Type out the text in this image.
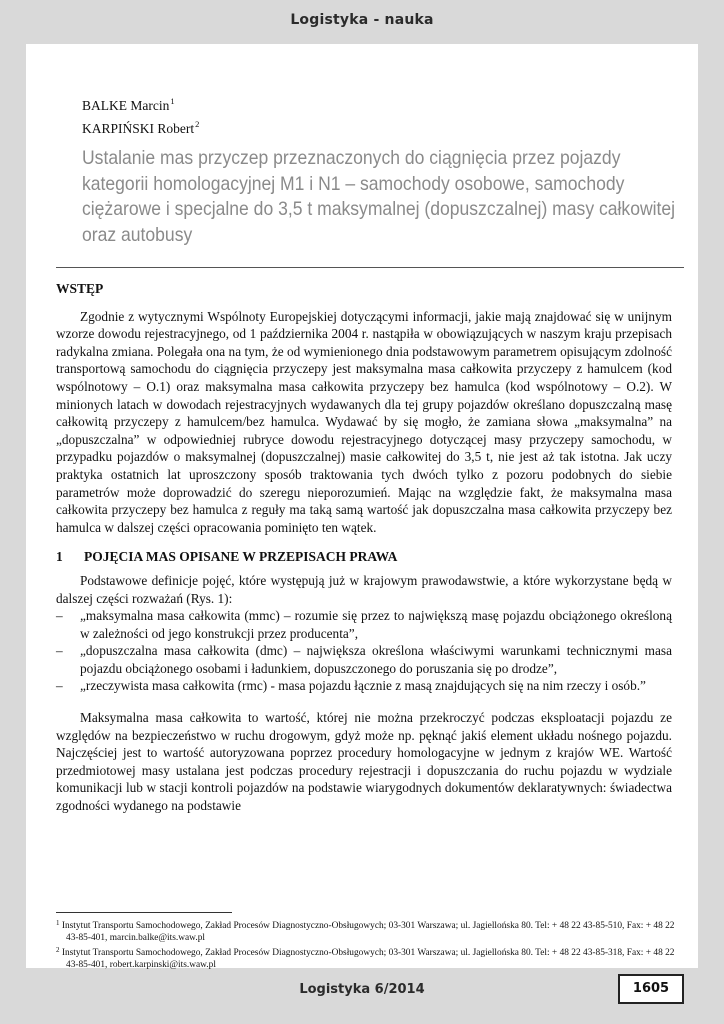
Logistyka - nauka
BALKE Marcin$^1$
KARPIŃSKI Robert$^2$
Ustalanie mas przyczep przeznaczonych do ciągnięcia przez pojazdy kategorii homologacyjnej M1 i N1 – samochody osobowe, samochody ciężarowe i specjalne do 3,5 t maksymalnej (dopuszczalnej) masy całkowitej oraz autobusy
WSTĘP

Zgodnie z wytycznymi Wspólnoty Europejskiej dotyczącymi informacji, jakie mają znajdować się w unijnym wzorze dowodu rejestracyjnego, od 1 października 2004 r. nastąpiła w obowiązujących w naszym kraju przepisach radykalna zmiana. Polegała ona na tym, że od wymienionego dnia podstawowym parametrem opisującym zdolność transportową samochodu do ciągnięcia przyczepy jest maksymalna masa całkowita przyczepy z hamulcem (kod wspólnotowy – O.1) oraz maksymalna masa całkowita przyczepy bez hamulca (kod wspólnotowy – O.2). W minionych latach w dowodach rejestracyjnych wydawanych dla tej grupy pojazdów określano dopuszczalną masę całkowitą przyczepy z hamulcem/bez hamulca. Wydawać by się mogło, że zamiana słowa „maksymalna” na „dopuszczalna” w odpowiedniej rubryce dowodu rejestracyjnego dotyczącej masy przyczepy samochodu, w przypadku pojazdów o maksymalnej (dopuszczalnej) masie całkowitej do 3,5 t, nie jest aż tak istotna. Jak uczy praktyka ostatnich lat uproszczony sposób traktowania tych dwóch tylko z pozoru podobnych do siebie parametrów może doprowadzić do szeregu nieporozumień. Mając na względzie fakt, że maksymalna masa całkowita przyczepy bez hamulca z reguły ma taką samą wartość jak dopuszczalna masa całkowita przyczepy bez hamulca w dalszej części opracowania pominięto ten wątek.

1 POJĘCIA MAS OPISANE W PRZEPISACH PRAWA

Podstawowe definicje pojęć, które występują już w krajowym prawodawstwie, a które wykorzystane będą w dalszej części rozważań (Rys. 1):

– „maksymalna masa całkowita (mmc) – rozumie się przez to największą masę pojazdu obciążonego określoną w zależności od jego konstrukcji przez producenta”,
– „dopuszczalna masa całkowita (dmc) – największa określona właściwymi warunkami technicznymi masa pojazdu obciążonego osobami i ładunkiem, dopuszczonego do poruszania się po drodze”,
– „rzeczywista masa całkowita (rmc) - masa pojazdu łącznie z masą znajdujących się na nim rzeczy i osób.”

Maksymalna masa całkowita to wartość, której nie można przekroczyć podczas eksploatacji pojazdu ze względów na bezpieczeństwo w ruchu drogowym, gdyż może np. pęknąć jakiś element układu nośnego pojazdu. Najczęściej jest to wartość autoryzowana poprzez procedury homologacyjne w jednym z krajów WE. Wartość przedmiotowej masy ustalana jest podczas procedury rejestracji i dopuszczania do ruchu pojazdu w wydziale komunikacji lub w stacji kontroli pojazdów na podstawie wiarygodnych dokumentów deklaratywnych: świadectwa zgodności wydanego na podstawie

$^1$ Instytut Transportu Samochodowego, Zakład Procesów Diagnostyczno-Obsługowych; 03-301 Warszawa; ul. Jagiellońska 80. Tel: + 48 22 43-85-510, Fax: + 48 22 43-85-401, marcin.balke@its.waw.pl

$^2$ Instytut Transportu Samochodowego, Zakład Procesów Diagnostyczno-Obsługowych; 03-301 Warszawa; ul. Jagiellońska 80. Tel: + 48 22 43-85-318, Fax: + 48 22 43-85-401, robert.karpinski@its.waw.pl

Logistyka 6/2014	1605
